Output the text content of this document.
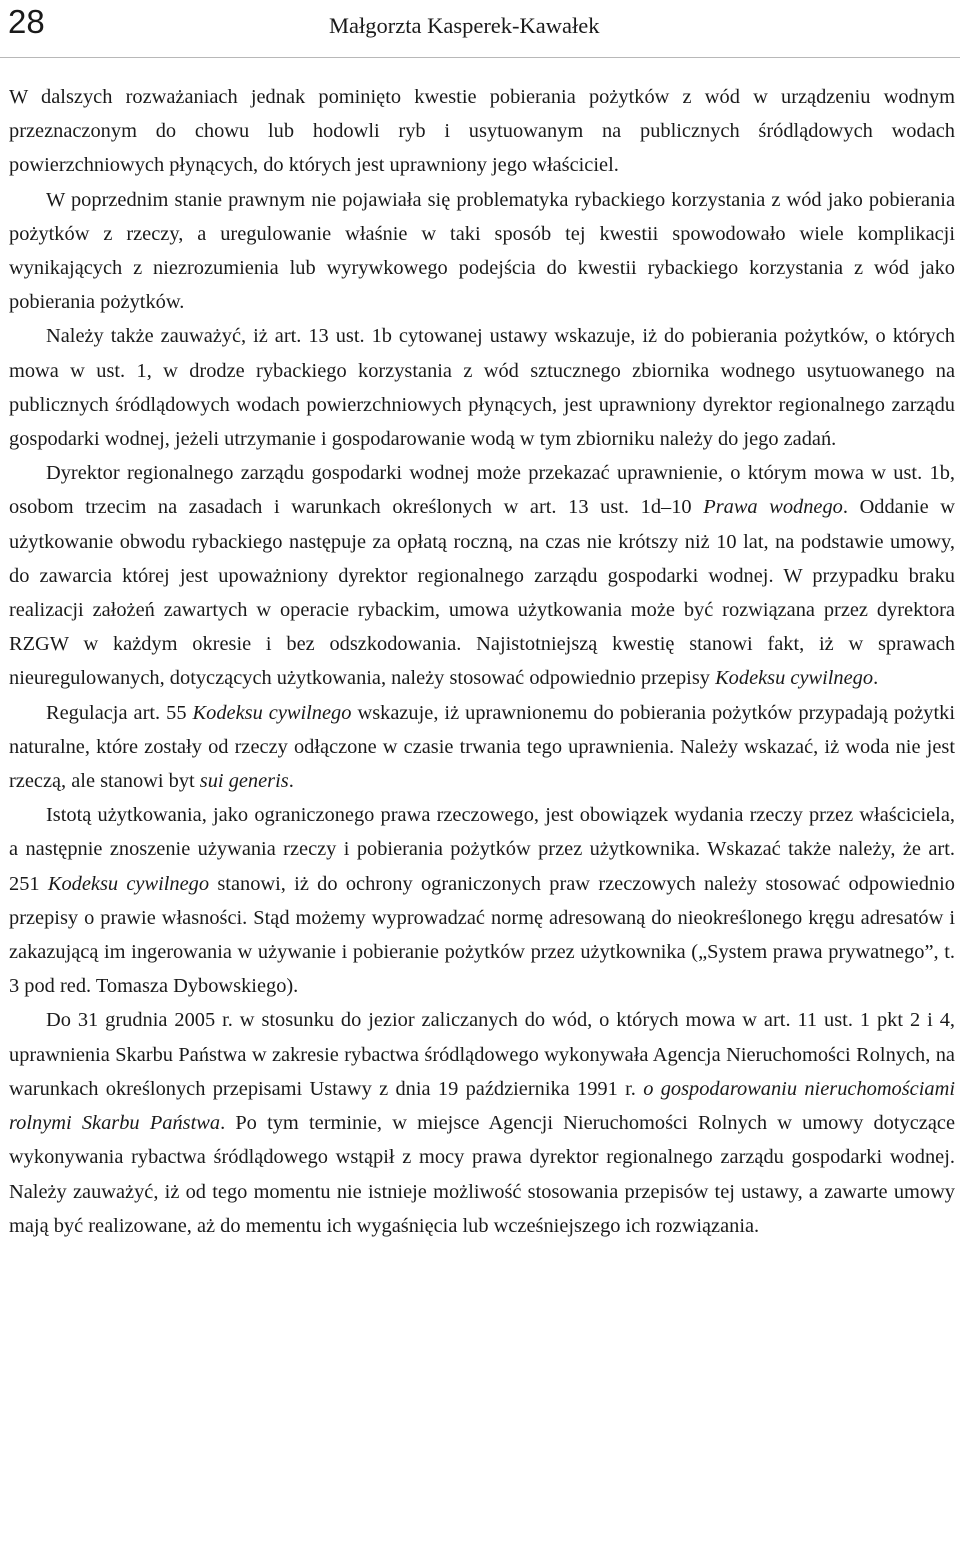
28	Małgorzta Kasperek-Kawałek

W dalszych rozważaniach jednak pominięto kwestie pobierania pożytków z wód w urządzeniu wodnym przeznaczonym do chowu lub hodowli ryb i usytuowanym na publicznych śródlądowych wodach powierzchniowych płynących, do których jest uprawniony jego właściciel.

W poprzednim stanie prawnym nie pojawiała się problematyka rybackiego korzystania z wód jako pobierania pożytków z rzeczy, a uregulowanie właśnie w taki sposób tej kwestii spowodowało wiele komplikacji wynikających z niezrozumienia lub wyrywkowego podejścia do kwestii rybackiego korzystania z wód jako pobierania pożytków.

Należy także zauważyć, iż art. 13 ust. 1b cytowanej ustawy wskazuje, iż do pobierania pożytków, o których mowa w ust. 1, w drodze rybackiego korzystania z wód sztucznego zbiornika wodnego usytuowanego na publicznych śródlądowych wodach powierzchniowych płynących, jest uprawniony dyrektor regionalnego zarządu gospodarki wodnej, jeżeli utrzymanie i gospodarowanie wodą w tym zbiorniku należy do jego zadań.

Dyrektor regionalnego zarządu gospodarki wodnej może przekazać uprawnienie, o którym mowa w ust. 1b, osobom trzecim na zasadach i warunkach określonych w art. 13 ust. 1d–10 Prawa wodnego. Oddanie w użytkowanie obwodu rybackiego następuje za opłatą roczną, na czas nie krótszy niż 10 lat, na podstawie umowy, do zawarcia której jest upoważniony dyrektor regionalnego zarządu gospodarki wodnej. W przypadku braku realizacji założeń zawartych w operacie rybackim, umowa użytkowania może być rozwiązana przez dyrektora RZGW w każdym okresie i bez odszkodowania. Najistotniejszą kwestię stanowi fakt, iż w sprawach nieuregulowanych, dotyczących użytkowania, należy stosować odpowiednio przepisy Kodeksu cywilnego.

Regulacja art. 55 Kodeksu cywilnego wskazuje, iż uprawnionemu do pobierania pożytków przypadają pożytki naturalne, które zostały od rzeczy odłączone w czasie trwania tego uprawnienia. Należy wskazać, iż woda nie jest rzeczą, ale stanowi byt sui generis.

Istotą użytkowania, jako ograniczonego prawa rzeczowego, jest obowiązek wydania rzeczy przez właściciela, a następnie znoszenie używania rzeczy i pobierania pożytków przez użytkownika. Wskazać także należy, że art. 251 Kodeksu cywilnego stanowi, iż do ochrony ograniczonych praw rzeczowych należy stosować odpowiednio przepisy o prawie własności. Stąd możemy wyprowadzać normę adresowaną do nieokreślonego kręgu adresatów i zakazującą im ingerowania w używanie i pobieranie pożytków przez użytkownika („System prawa prywatnego”, t. 3 pod red. Tomasza Dybowskiego).

Do 31 grudnia 2005 r. w stosunku do jezior zaliczanych do wód, o których mowa w art. 11 ust. 1 pkt 2 i 4, uprawnienia Skarbu Państwa w zakresie rybactwa śródlądowego wykonywała Agencja Nieruchomości Rolnych, na warunkach określonych przepisami Ustawy z dnia 19 października 1991 r. o gospodarowaniu nieruchomościami rolnymi Skarbu Państwa. Po tym terminie, w miejsce Agencji Nieruchomości Rolnych w umowy dotyczące wykonywania rybactwa śródlądowego wstąpił z mocy prawa dyrektor regionalnego zarządu gospodarki wodnej. Należy zauważyć, iż od tego momentu nie istnieje możliwość stosowania przepisów tej ustawy, a zawarte umowy mają być realizowane, aż do mementu ich wygaśnięcia lub wcześniejszego ich rozwiązania.
